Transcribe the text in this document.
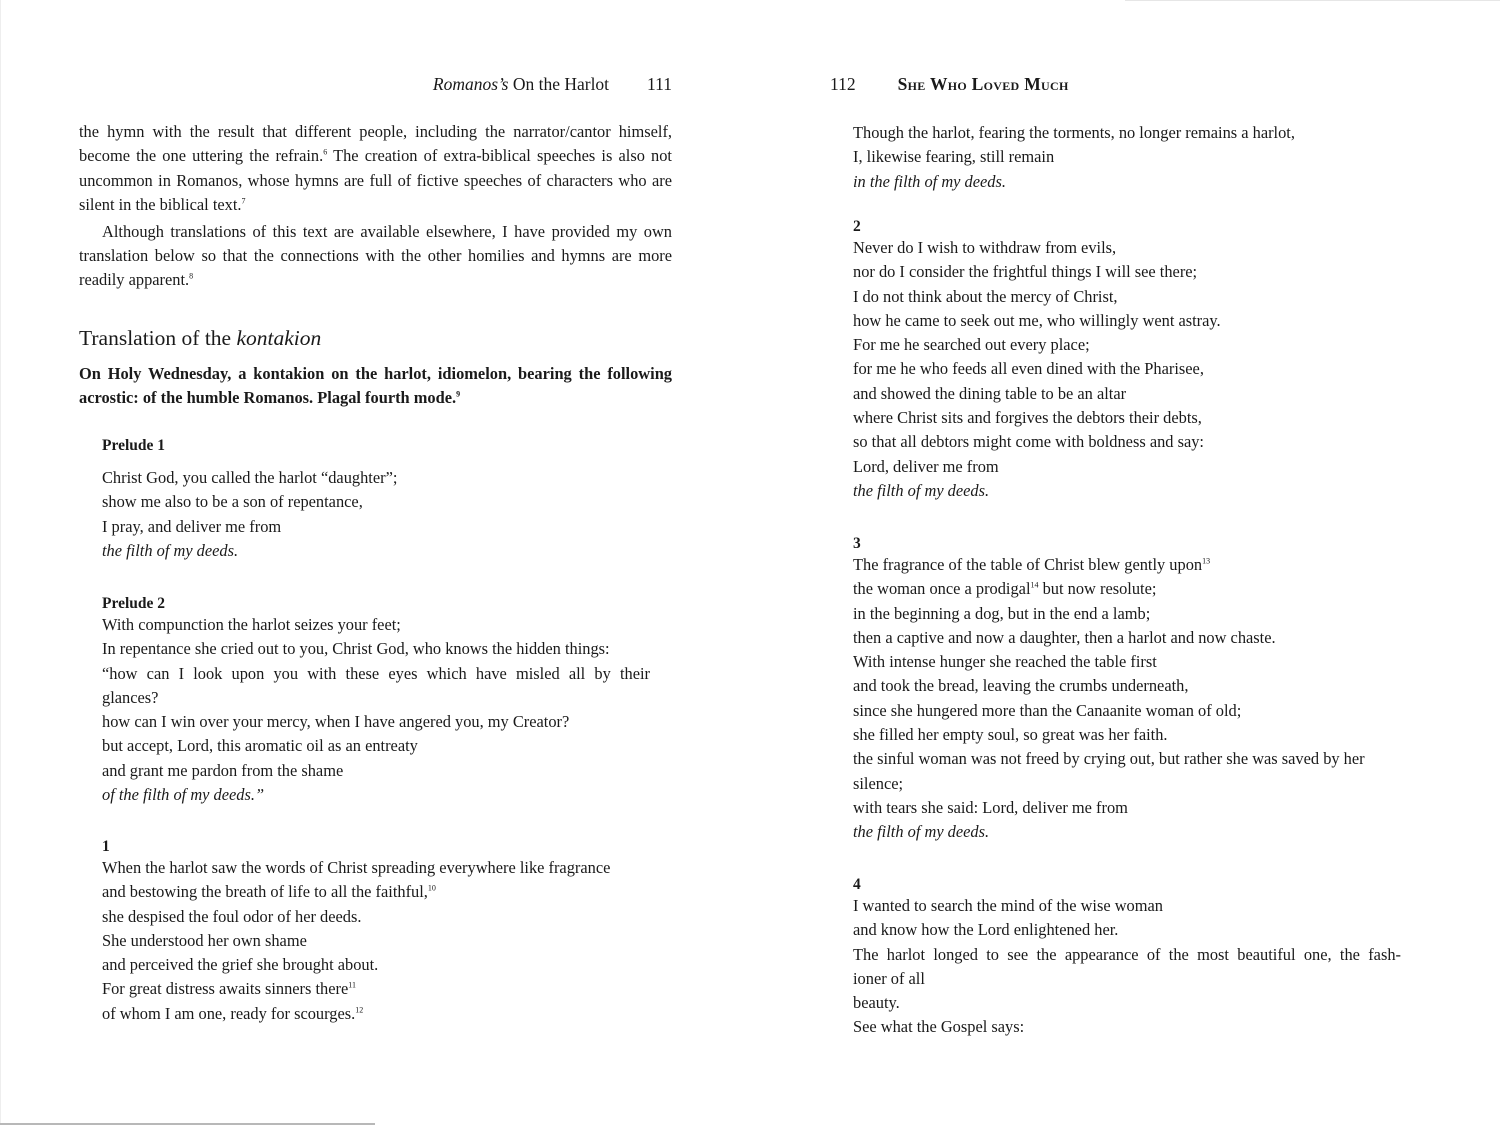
Romanos’s On the Harlot 111

the hymn with the result that different people, including the narrator/cantor himself, become the one uttering the refrain.$^6$ The creation of extra-biblical speeches is also not uncommon in Romanos, whose hymns are full of fictive speeches of characters who are silent in the biblical text.$^7$

Although translations of this text are available elsewhere, I have provided my own translation below so that the connections with the other homilies and hymns are more readily apparent.$^8$

Translation of the kontakion
On Holy Wednesday, a kontakion on the harlot, idiomelon, bearing the following acrostic: of the humble Romanos. Plagal fourth mode.$^9$
Prelude 1
Christ God, you called the harlot “daughter”;
show me also to be a son of repentance,
I pray, and deliver me from
the filth of my deeds.
Prelude 2
With compunction the harlot seizes your feet;
In repentance she cried out to you, Christ God, who knows the hidden things:
“how can I look upon you with these eyes which have misled all by their
glances?
how can I win over your mercy, when I have angered you, my Creator?
but accept, Lord, this aromatic oil as an entreaty
and grant me pardon from the shame
of the filth of my deeds.”
1
When the harlot saw the words of Christ spreading everywhere like fragrance
and bestowing the breath of life to all the faithful,$^{10}$
she despised the foul odor of her deeds.
She understood her own shame
and perceived the grief she brought about.
For great distress awaits sinners there$^{11}$
of whom I am one, ready for scourges.$^{12}$
112 She Who Loved Much
Though the harlot, fearing the torments, no longer remains a harlot,
I, likewise fearing, still remain
in the filth of my deeds.
2
Never do I wish to withdraw from evils,
nor do I consider the frightful things I will see there;
I do not think about the mercy of Christ,
how he came to seek out me, who willingly went astray.
For me he searched out every place;
for me he who feeds all even dined with the Pharisee,
and showed the dining table to be an altar
where Christ sits and forgives the debtors their debts,
so that all debtors might come with boldness and say:
Lord, deliver me from
the filth of my deeds.
3
The fragrance of the table of Christ blew gently upon$^{13}$
the woman once a prodigal$^{14}$ but now resolute;
in the beginning a dog, but in the end a lamb;
then a captive and now a daughter, then a harlot and now chaste.
With intense hunger she reached the table first
and took the bread, leaving the crumbs underneath,
since she hungered more than the Canaanite woman of old;
she filled her empty soul, so great was her faith.
the sinful woman was not freed by crying out, but rather she was saved by her
silence;
with tears she said: Lord, deliver me from
the filth of my deeds.
4
I wanted to search the mind of the wise woman
and know how the Lord enlightened her.
The harlot longed to see the appearance of the most beautiful one, the fash-
ioner of all
beauty.
See what the Gospel says:
